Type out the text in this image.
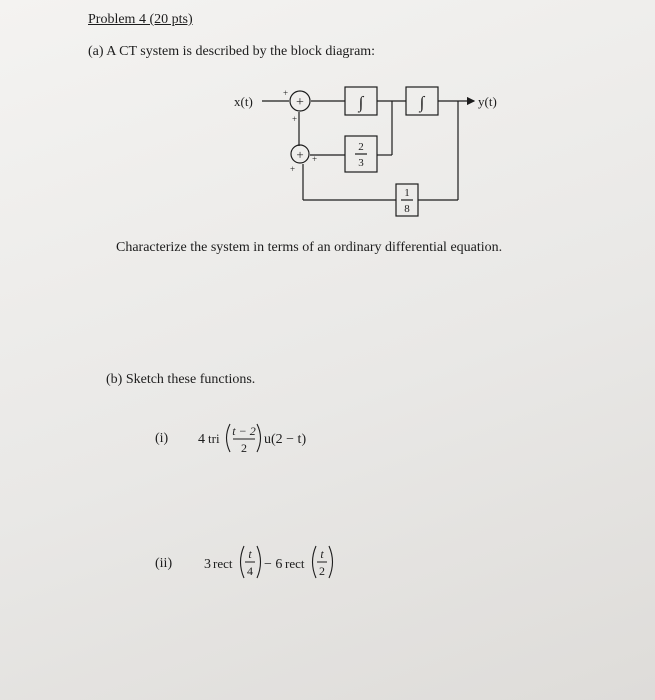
Problem 4 (20 pts)
(a) A CT system is described by the block diagram:
x(t)	y(t)
+
+
+
+
+
+
∫	∫
2
3
1
8
4 tri t − 2
2
u(2 − t)
3 rect
t
4 − 6 rect
t
2
Characterize the system in terms of an ordinary differential equation.
(b) Sketch these functions.
(i)
(ii)
